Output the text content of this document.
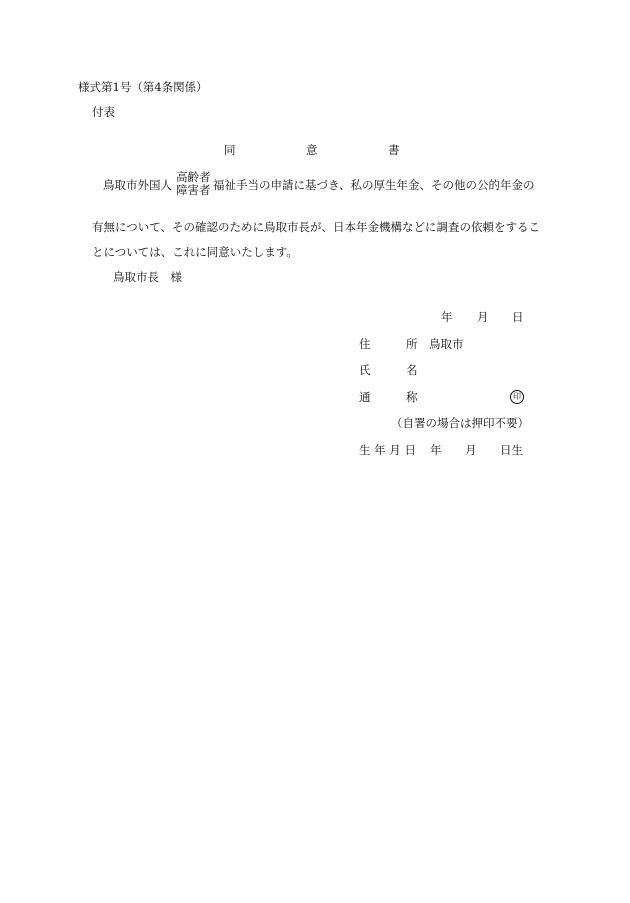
様式第1号（第4条関係）
付表
同	意	書
鳥取市外国人
高齢者
障害者 福祉手当の申請に基づき、私の厚生年金、その他の公的年金の
有無について、その確認のために鳥取市長が、日本年金機構などに調査の依頼をするこ
とについては、これに同意いたします。
鳥取市長　様
年 月 日
住	所 鳥取市
氏	名
通	称	印
（自署の場合は押印不要）
生 年 月 日 年 月 日生
